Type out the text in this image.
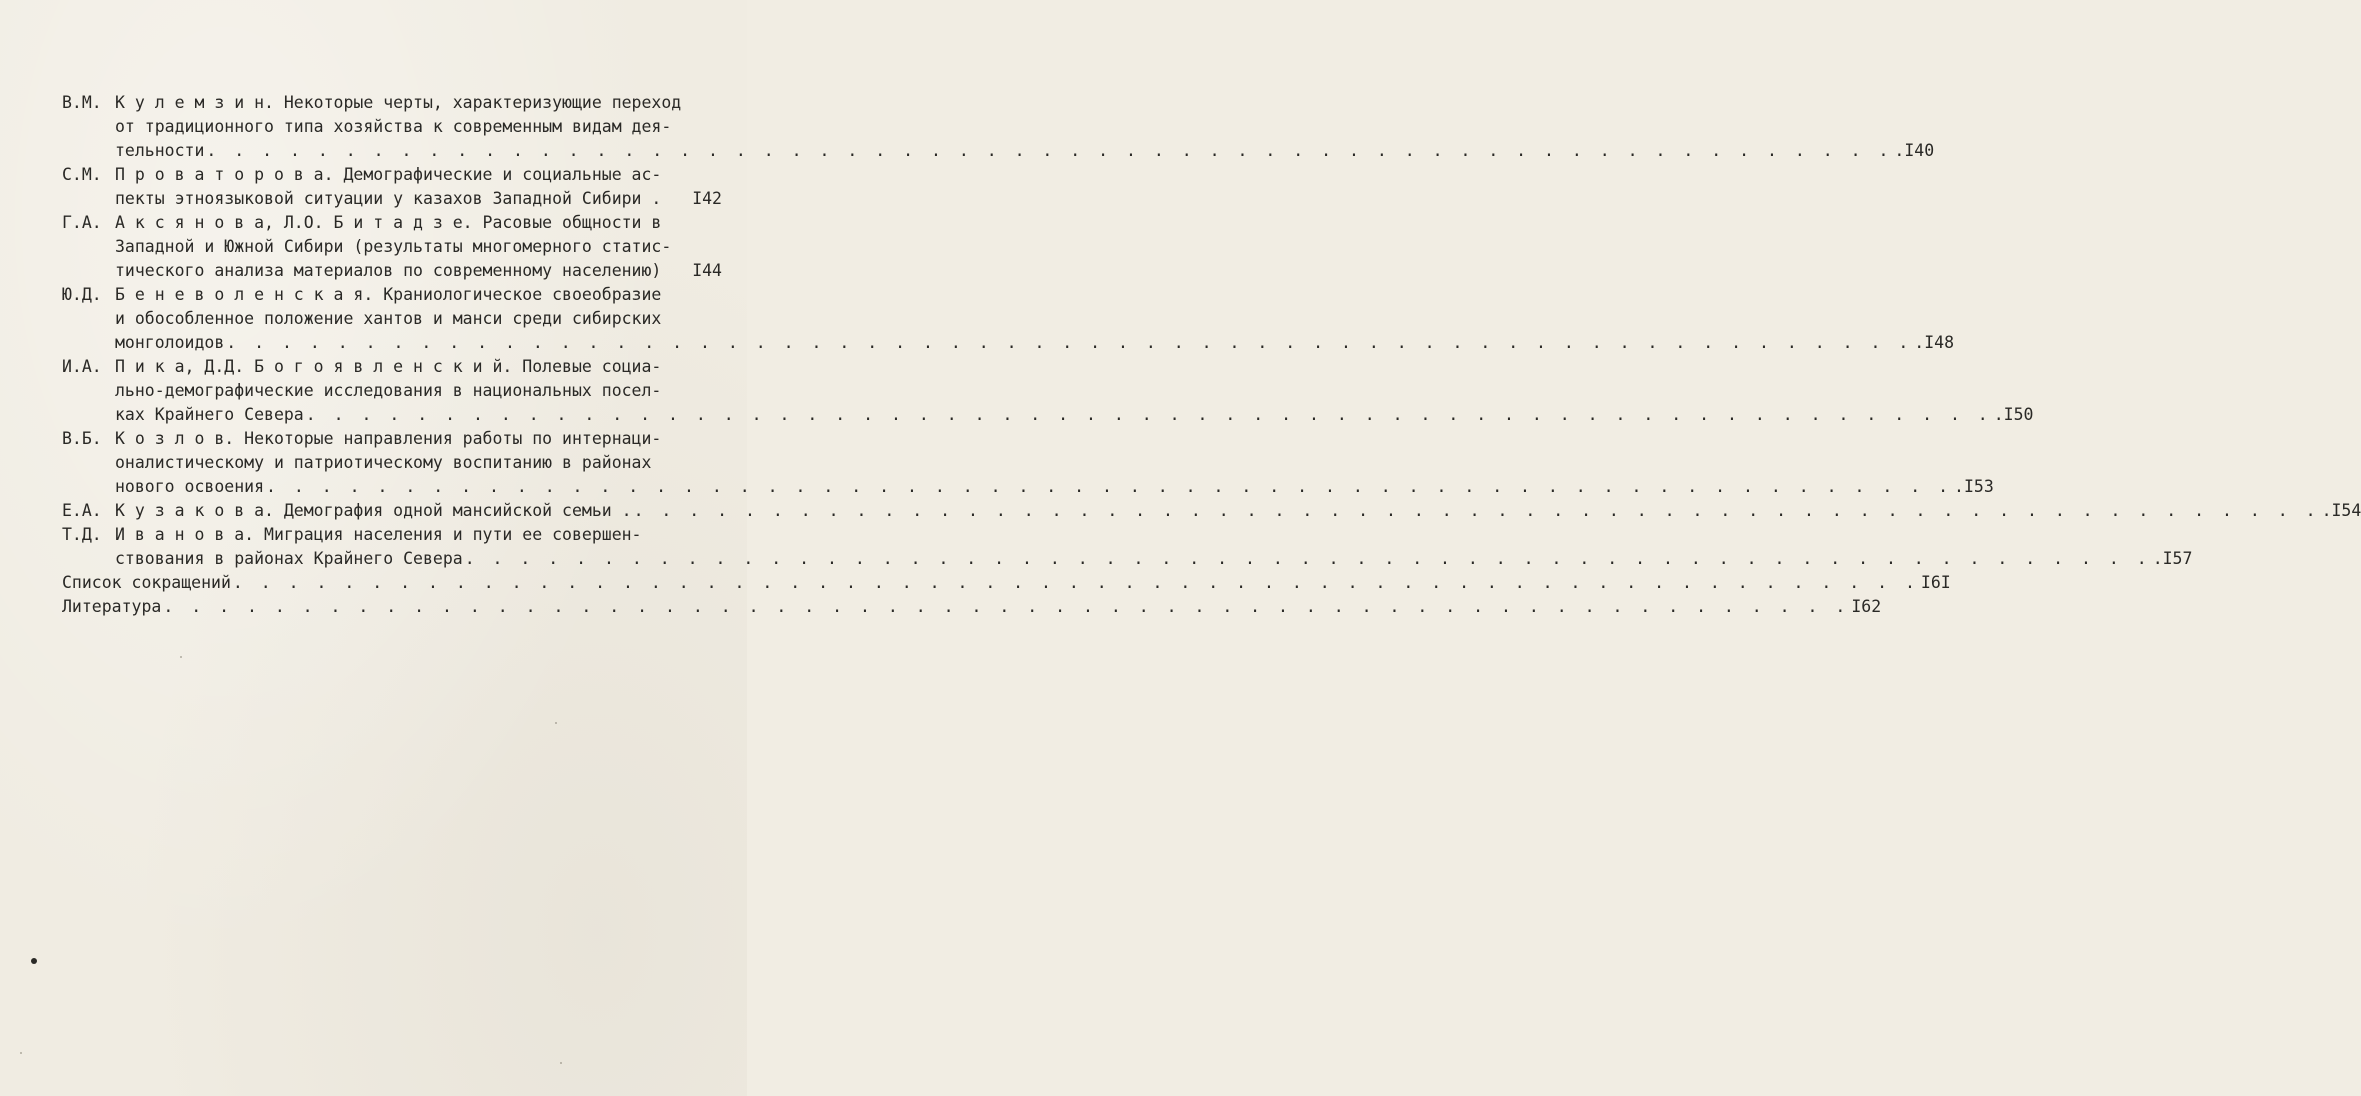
В.М. К у л е м з и н. Некоторые черты, характеризующие переход
от традиционного типа хозяйства к современным видам дея-
тельности . . .	.I40
С.М. П р о в а т о р о в а. Демографические и социальные ас-
пекты этноязыковой ситуации у казахов Западной Сибири . I42
Г.А. А к с я н о в а, Л.О. Б и т а д з е. Расовые общности в
Западной и Южной Сибири (результаты многомерного статис-
тического анализа материалов по современному населению) I44
Ю.Д. Б е н е в о л е н с к а я. Краниологическое своеобразие
и обособленное положение хантов и манси среди сибирских
монголоидов . . .	.I48
И.А. П и к а, Д.Д. Б о г о я в л е н с к и й. Полевые социа-
льно-демографические исследования в национальных посел-
ках Крайнего Севера . . .	.I50
В.Б. К о з л о в. Некоторые направления работы по интернаци-
оналистическому и патриотическому воспитанию в районах
нового освоения . . .	.I53
Е.А. К у з а к о в а. Демография одной мансийской семьи . . . .	.I54
Т.Д. И в а н о в а. Миграция населения и пути ее совершен-
ствования в районах Крайнего Севера . . .	.I57
Список сокращений . . .	I6I
Литература . . .	I62
